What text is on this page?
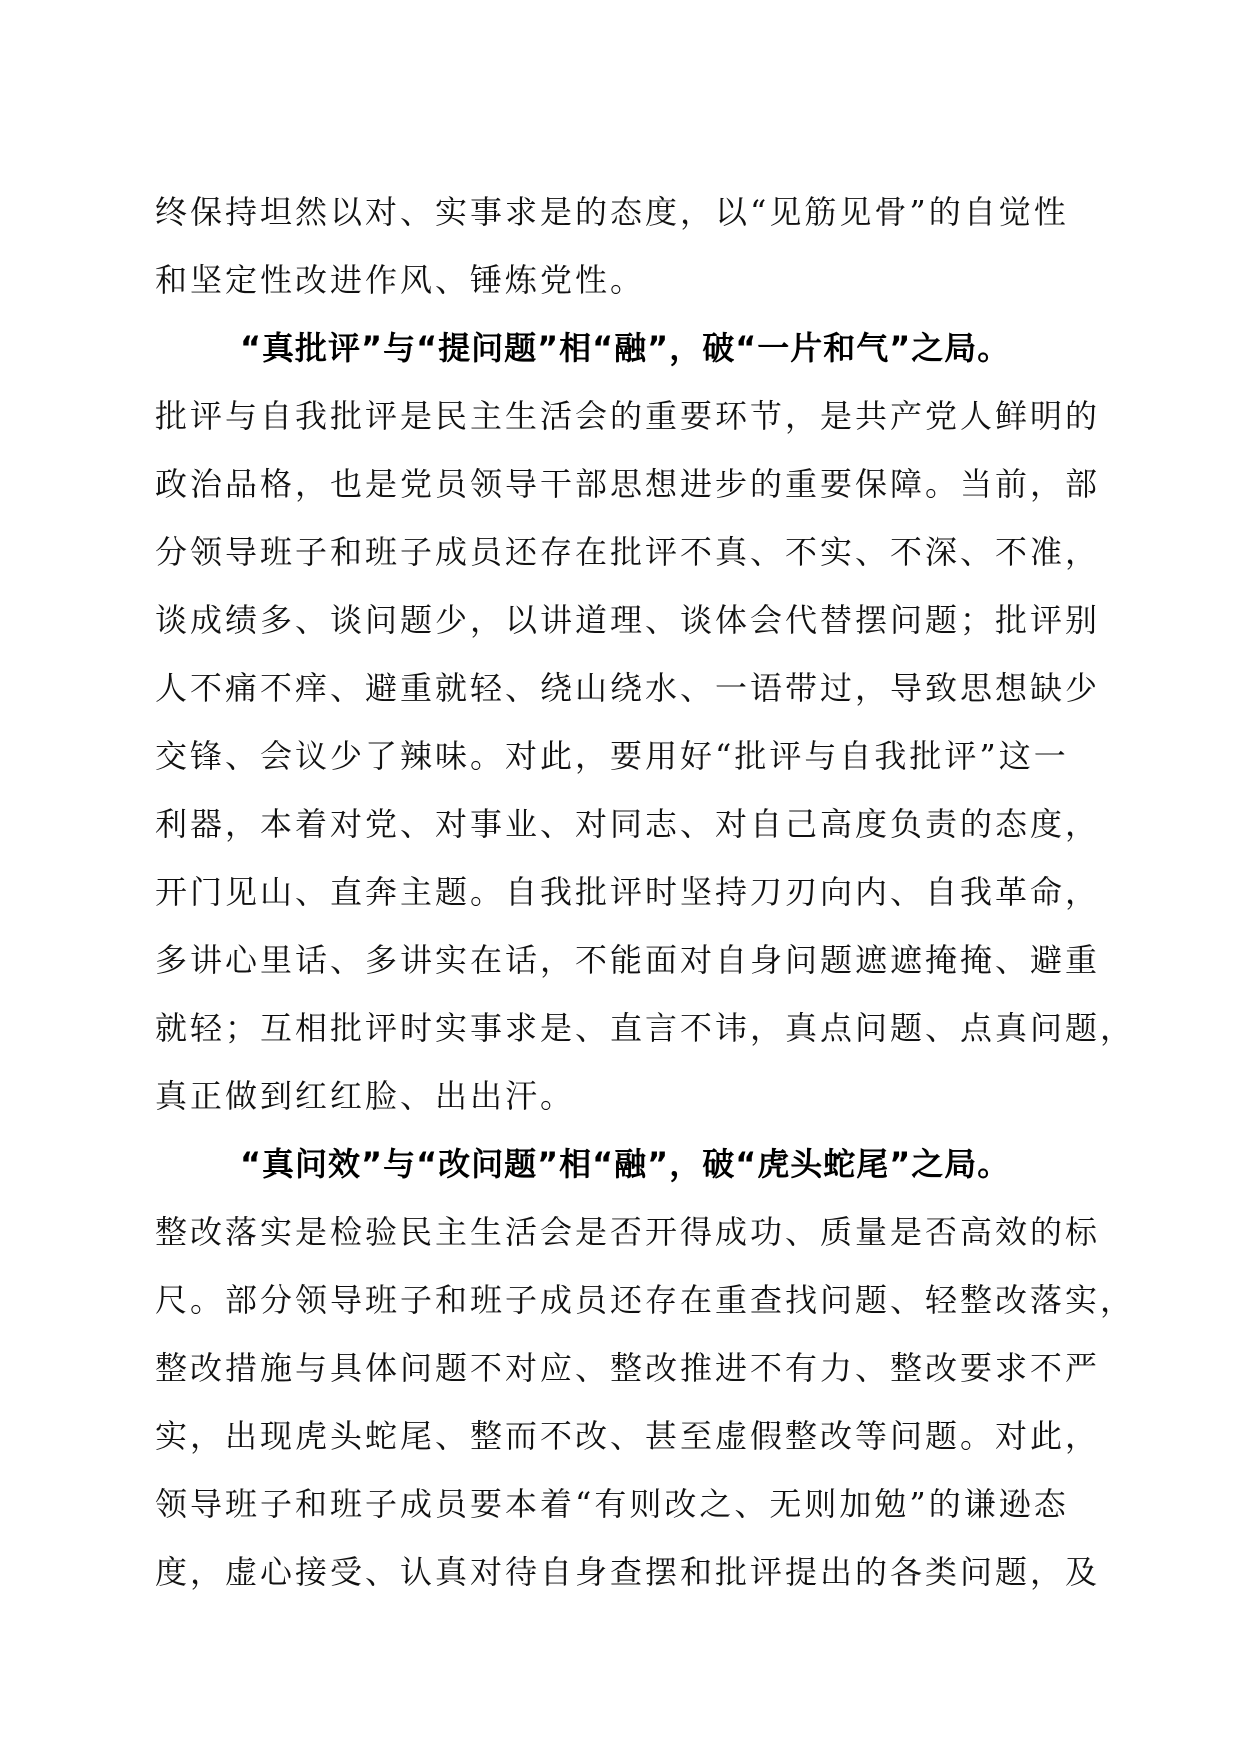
终保持坦然以对、实事求是的态度，以“见筋见骨”的自觉性
和坚定性改进作风、锤炼党性。
“真批评”与“提问题”相“融”，破“一片和气”之局。
批评与自我批评是民主生活会的重要环节，是共产党人鲜明的
政治品格，也是党员领导干部思想进步的重要保障。当前，部
分领导班子和班子成员还存在批评不真、不实、不深、不准，
谈成绩多、谈问题少，以讲道理、谈体会代替摆问题；批评别
人不痛不痒、避重就轻、绕山绕水、一语带过，导致思想缺少
交锋、会议少了辣味。对此，要用好“批评与自我批评”这一
利器，本着对党、对事业、对同志、对自己高度负责的态度，
开门见山、直奔主题。自我批评时坚持刀刃向内、自我革命，
多讲心里话、多讲实在话，不能面对自身问题遮遮掩掩、避重
就轻；互相批评时实事求是、直言不讳，真点问题、点真问题，
真正做到红红脸、出出汗。
“真问效”与“改问题”相“融”，破“虎头蛇尾”之局。
整改落实是检验民主生活会是否开得成功、质量是否高效的标
尺。部分领导班子和班子成员还存在重查找问题、轻整改落实，
整改措施与具体问题不对应、整改推进不有力、整改要求不严
实，出现虎头蛇尾、整而不改、甚至虚假整改等问题。对此，
领导班子和班子成员要本着“有则改之、无则加勉”的谦逊态
度，虚心接受、认真对待自身查摆和批评提出的各类问题，及
